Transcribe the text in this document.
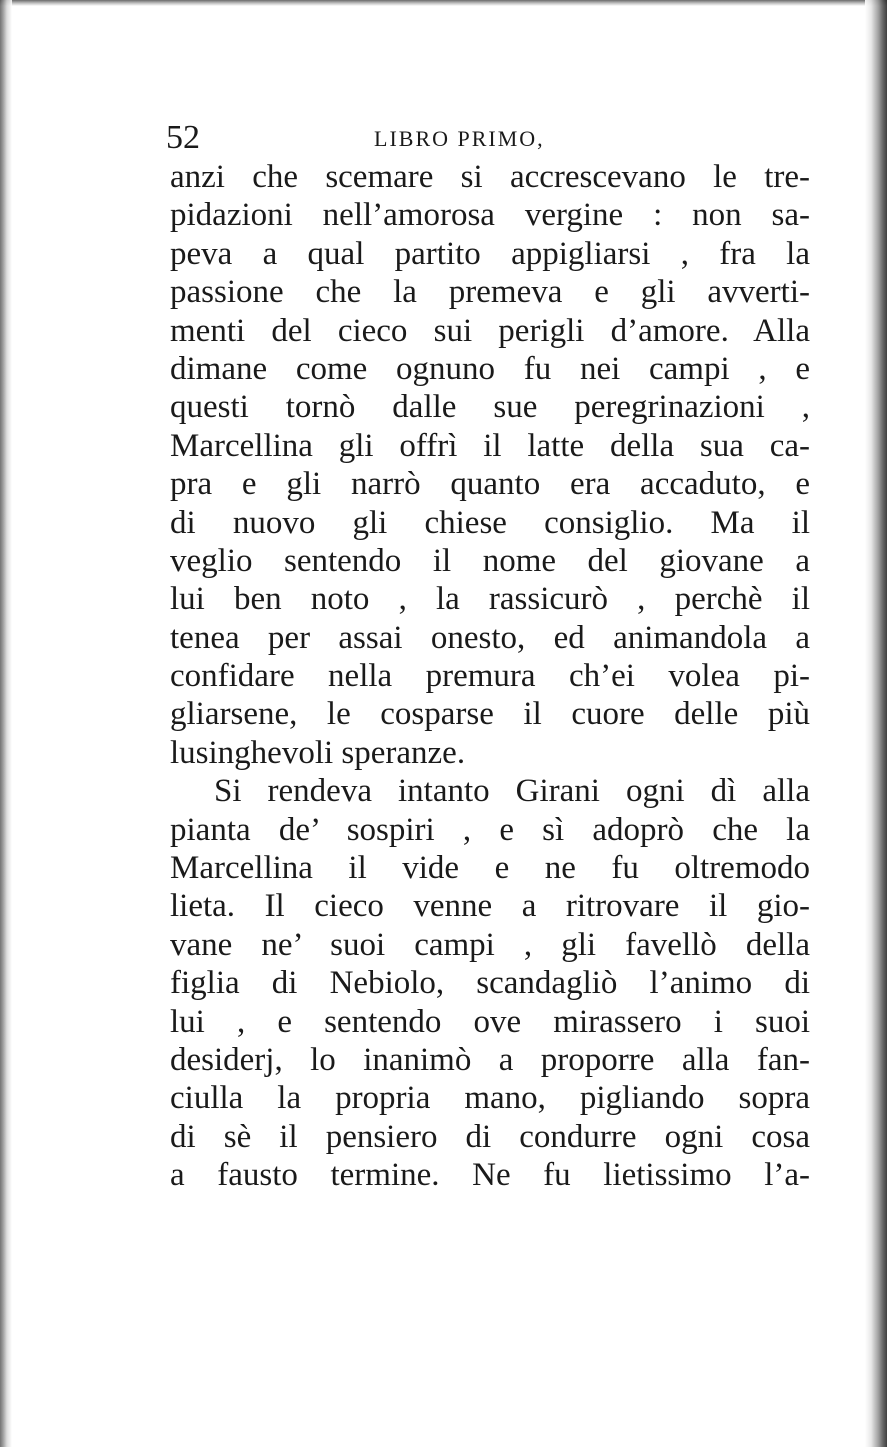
52	LIBRO PRIMO,
anzi che scemare si accrescevano le tre-
pidazioni nell’amorosa vergine : non sa-
peva a qual partito appigliarsi , fra la
passione che la premeva e gli avverti-
menti del cieco sui perigli d’amore. Alla
dimane come ognuno fu nei campi , e
questi tornò dalle sue peregrinazioni ,
Marcellina gli offrì il latte della sua ca-
pra e gli narrò quanto era accaduto, e
di nuovo gli chiese consiglio. Ma il
veglio sentendo il nome del giovane a
lui ben noto , la rassicurò , perchè il
tenea per assai onesto, ed animandola a
confidare nella premura ch’ei volea pi-
gliarsene, le cosparse il cuore delle più
lusinghevoli speranze.
Si rendeva intanto Girani ogni dì alla
pianta de’ sospiri , e sì adoprò che la
Marcellina il vide e ne fu oltremodo
lieta. Il cieco venne a ritrovare il gio-
vane ne’ suoi campi , gli favellò della
figlia di Nebiolo, scandagliò l’animo di
lui , e sentendo ove mirassero i suoi
desiderj, lo inanimò a proporre alla fan-
ciulla la propria mano, pigliando sopra
di sè il pensiero di condurre ogni cosa
a fausto termine. Ne fu lietissimo l’a-
